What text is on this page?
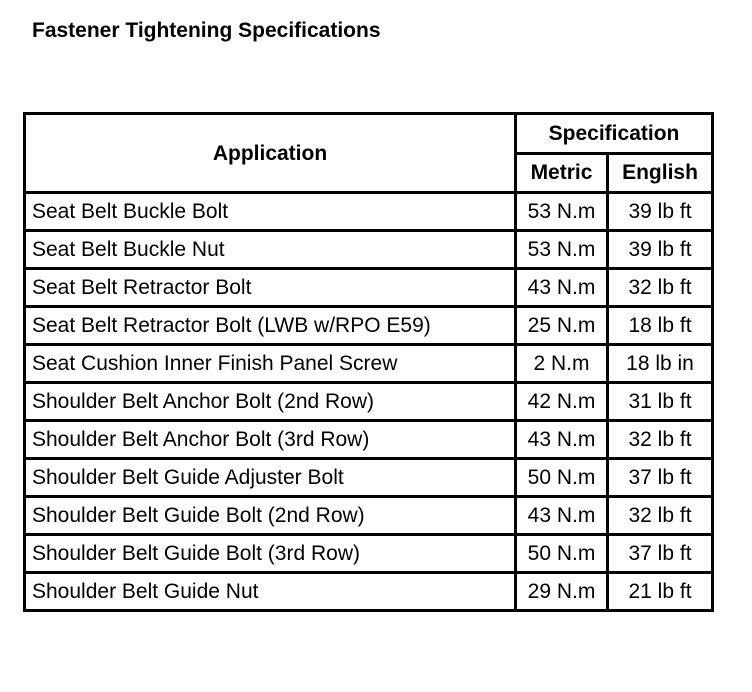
Fastener Tightening Specifications
Application	Specification	
	Metric	English
Seat Belt Buckle Bolt	53 N.m	39 lb ft
Seat Belt Buckle Nut	53 N.m	39 lb ft
Seat Belt Retractor Bolt	43 N.m	32 lb ft
Seat Belt Retractor Bolt (LWB w/RPO E59)	25 N.m	18 lb ft
Seat Cushion Inner Finish Panel Screw	2 N.m	18 lb in
Shoulder Belt Anchor Bolt (2nd Row)	42 N.m	31 lb ft
Shoulder Belt Anchor Bolt (3rd Row)	43 N.m	32 lb ft
Shoulder Belt Guide Adjuster Bolt	50 N.m	37 lb ft
Shoulder Belt Guide Bolt (2nd Row)	43 N.m	32 lb ft
Shoulder Belt Guide Bolt (3rd Row)	50 N.m	37 lb ft
Shoulder Belt Guide Nut	29 N.m	21 lb ft
